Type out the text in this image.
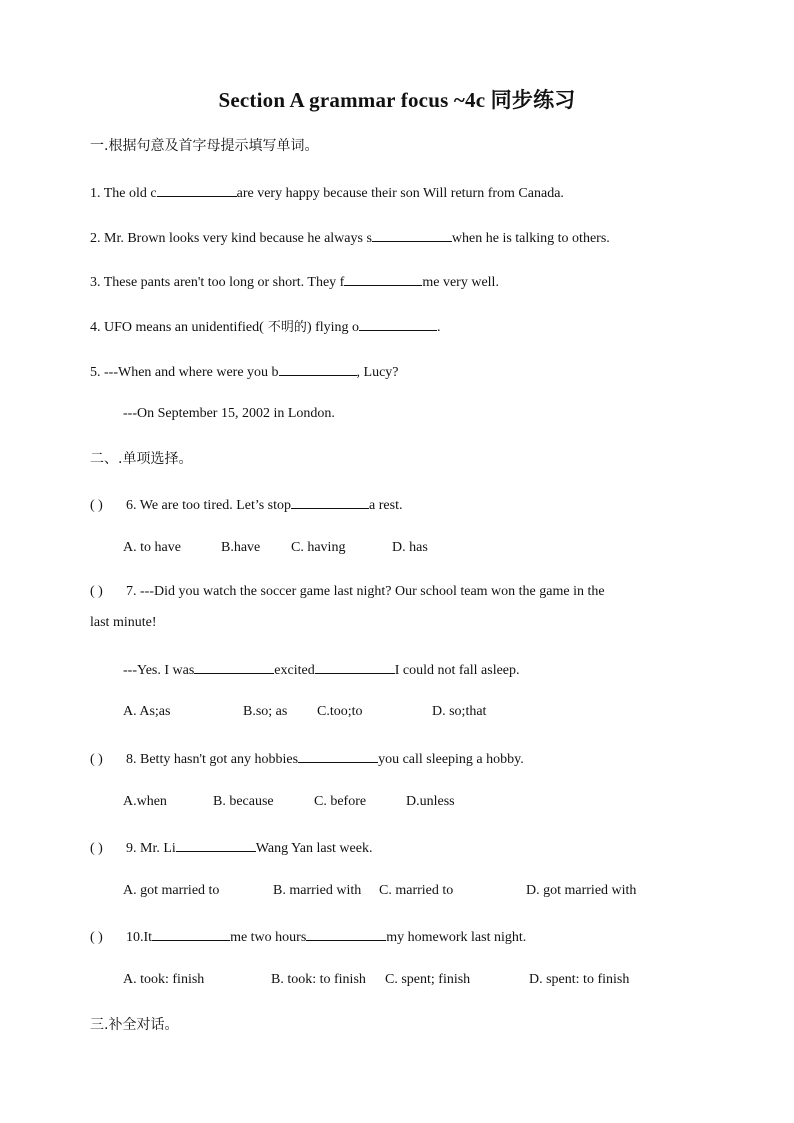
Section A grammar focus ~4c 同步练习
一.根据句意及首字母提示填写单词。
1. The old c	are very happy because their son Will return from Canada.
2. Mr. Brown looks very kind because he always s	when he is talking to others.
3. These pants aren't too long or short. They f	me very well.
4. UFO means an unidentified( 不明的) flying o	.
5. ---When and where were you b	, Lucy?
---On September 15, 2002 in London.
二、.单项选择。
( ) 6. We are too tired. Let’s stop	a rest.
A. to have	B.have C. having	D. has
( ) 7. ---Did you watch the soccer game last night? Our school team won the game in the
last minute!
---Yes. I was	excited	I could not fall asleep.
A. As;as	B.so; as C.too;to	D. so;that
( ) 8. Betty hasn't got any hobbies	you call sleeping a hobby.
A.when	B. because	C. before	D.unless
( ) 9. Mr. Li	Wang Yan last week.
A. got married to	B. married with C. married to	D. got married with
( ) 10.It	me two hours	my homework last night.
A. took: finish	B. took: to finish C. spent; finish	D. spent: to finish
三.补全对话。
